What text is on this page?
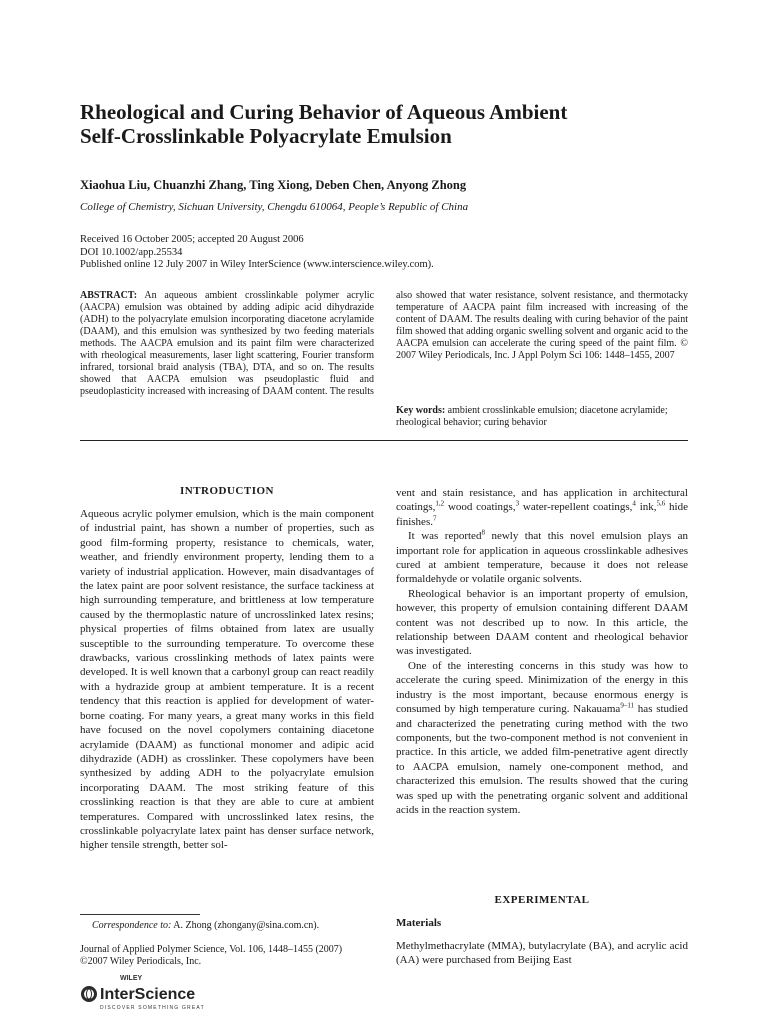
Rheological and Curing Behavior of Aqueous Ambient
Self-Crosslinkable Polyacrylate Emulsion
Xiaohua Liu, Chuanzhi Zhang, Ting Xiong, Deben Chen, Anyong Zhong
College of Chemistry, Sichuan University, Chengdu 610064, People’s Republic of China
Received 16 October 2005; accepted 20 August 2006
DOI 10.1002/app.25534
Published online 12 July 2007 in Wiley InterScience (www.interscience.wiley.com).
ABSTRACT: An aqueous ambient crosslinkable polymer acrylic (AACPA) emulsion was obtained by adding adipic acid dihydrazide (ADH) to the polyacrylate emulsion incorporating diacetone acrylamide (DAAM), and this emulsion was synthesized by two feeding materials methods. The AACPA emulsion and its paint film were characterized with rheological measurements, laser light scattering, Fourier transform infrared, torsional braid analysis (TBA), DTA, and so on. The results showed that AACPA emulsion was pseudoplastic fluid and pseudoplasticity increased with increasing of DAAM content. The results
also showed that water resistance, solvent resistance, and thermotacky temperature of AACPA paint film increased with increasing of the content of DAAM. The results dealing with curing behavior of the paint film showed that adding organic swelling solvent and organic acid to the AACPA emulsion can accelerate the curing speed of the paint film. © 2007 Wiley Periodicals, Inc. J Appl Polym Sci 106: 1448–1455, 2007
Key words: ambient crosslinkable emulsion; diacetone acrylamide; rheological behavior; curing behavior
INTRODUCTION

Aqueous acrylic polymer emulsion, which is the main component of industrial paint, has shown a number of properties, such as good film-forming property, resistance to chemicals, water, weather, and friendly environment property, lending them to a variety of industrial application. However, main disadvantages of the latex paint are poor solvent resistance, the surface tackiness at high surrounding temperature, and brittleness at low temperature caused by the thermoplastic nature of uncrosslinked latex resins; physical properties of films obtained from latex are usually susceptible to the surrounding temperature. To overcome these drawbacks, various crosslinking methods of latex paints were developed. It is well known that a carbonyl group can react readily with a hydrazide group at ambient temperature. It is a recent tendency that this reaction is applied for development of water-borne coating. For many years, a great many works in this field have focused on the novel copolymers containing diacetone acrylamide (DAAM) as functional monomer and adipic acid dihydrazide (ADH) as crosslinker. These copolymers have been synthesized by adding ADH to the polyacrylate emulsion incorporating DAAM. The most striking feature of this crosslinking reaction is that they are able to cure at ambient temperatures. Compared with uncrosslinked latex resins, the crosslinkable polyacrylate latex paint has denser surface network, higher tensile strength, better sol-

vent and stain resistance, and has application in architectural coatings,$^{1,2}$ wood coatings,$^3$ water-repellent coatings,$^4$ ink,$^{5,6}$ hide finishes.$^7$

It was reported$^8$ newly that this novel emulsion plays an important role for application in aqueous crosslinkable adhesives cured at ambient temperature, because it does not release formaldehyde or volatile organic solvents.

Rheological behavior is an important property of emulsion, however, this property of emulsion containing different DAAM content was not described up to now. In this article, the relationship between DAAM content and rheological behavior was investigated.

One of the interesting concerns in this study was how to accelerate the curing speed. Minimization of the energy in this industry is the most important, because enormous energy is consumed by high temperature curing. Nakauama$^{9-11}$ has studied and characterized the penetrating curing method with the two components, but the two-component method is not convenient in practice. In this article, we added film-penetrative agent directly to AACPA emulsion, namely one-component method, and characterized this emulsion. The results showed that the curing was sped up with the penetrating organic solvent and additional acids in the reaction system.

EXPERIMENTAL
Materials
Methylmethacrylate (MMA), butylacrylate (BA), and acrylic acid (AA) were purchased from Beijing East
Correspondence to: A. Zhong (zhongany@sina.com.cn).
Journal of Applied Polymer Science, Vol. 106, 1448–1455 (2007)
©2007 Wiley Periodicals, Inc.
WILEY
InterScience
DISCOVER SOMETHING GREAT
